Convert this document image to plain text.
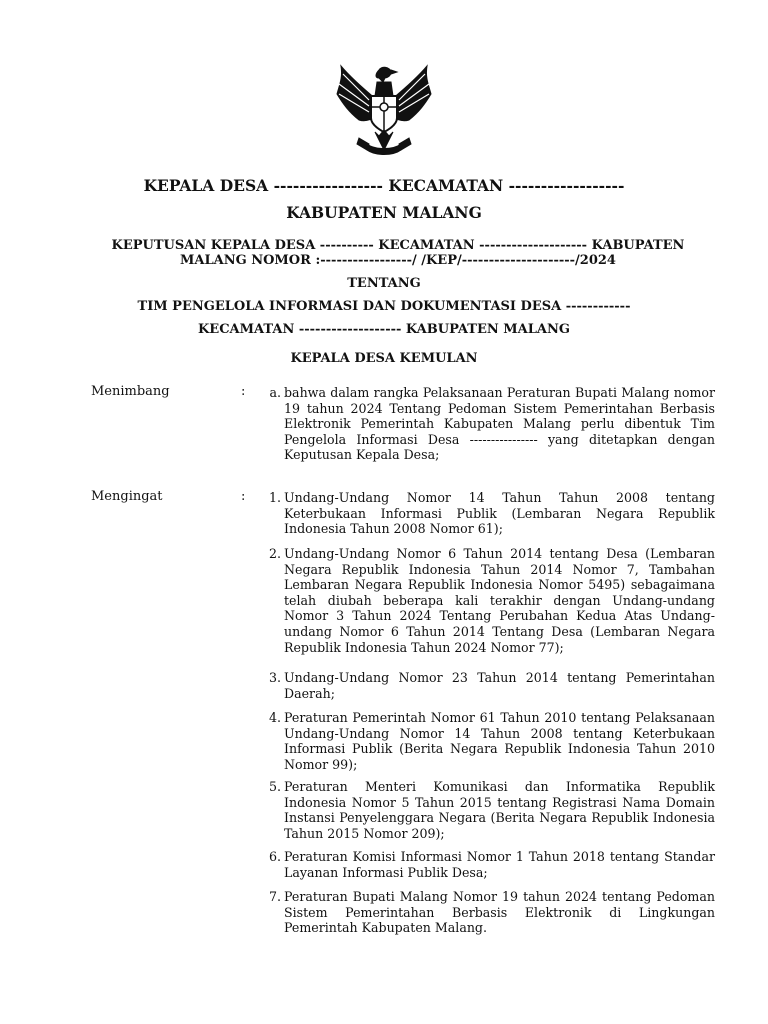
KEPALA DESA ----------------- KECAMATAN ------------------
KABUPATEN MALANG
KEPUTUSAN KEPALA DESA ---------- KECAMATAN -------------------- KABUPATEN
MALANG NOMOR :-----------------/ /KEP/---------------------/2024
TENTANG
TIM PENGELOLA INFORMASI DAN DOKUMENTASI DESA ------------
KECAMATAN ------------------- KABUPATEN MALANG
KEPALA DESA KEMULAN
Menimbang	:	a. bahwa dalam rangka Pelaksanaan Peraturan Bupati Malang nomor 19 tahun 2024 Tentang Pedoman Sistem Pemerintahan Berbasis Elektronik Pemerintah Kabupaten Malang perlu dibentuk Tim Pengelola Informasi Desa ---------------- yang ditetapkan dengan Keputusan Kepala Desa;
Mengingat	:	1. Undang-Undang Nomor 14 Tahun Tahun 2008 tentang Keterbukaan Informasi Publik (Lembaran Negara Republik Indonesia Tahun 2008 Nomor 61);
2. Undang-Undang Nomor 6 Tahun 2014 tentang Desa (Lembaran Negara Republik Indonesia Tahun 2014 Nomor 7, Tambahan Lembaran Negara Republik Indonesia Nomor 5495) sebagaimana telah diubah beberapa kali terakhir dengan Undang-undang Nomor 3 Tahun 2024 Tentang Perubahan Kedua Atas Undang-undang Nomor 6 Tahun 2014 Tentang Desa (Lembaran Negara Republik Indonesia Tahun 2024 Nomor 77);
3. Undang-Undang Nomor 23 Tahun 2014 tentang Pemerintahan Daerah;
4. Peraturan Pemerintah Nomor 61 Tahun 2010 tentang Pelaksanaan Undang-Undang Nomor 14 Tahun 2008 tentang Keterbukaan Informasi Publik (Berita Negara Republik Indonesia Tahun 2010 Nomor 99);
5. Peraturan Menteri Komunikasi dan Informatika Republik Indonesia Nomor 5 Tahun 2015 tentang Registrasi Nama Domain Instansi Penyelenggara Negara (Berita Negara Republik Indonesia Tahun 2015 Nomor 209);
6. Peraturan Komisi Informasi Nomor 1 Tahun 2018 tentang Standar Layanan Informasi Publik Desa;
7. Peraturan Bupati Malang Nomor 19 tahun 2024 tentang Pedoman Sistem Pemerintahan Berbasis Elektronik di Lingkungan Pemerintah Kabupaten Malang.
